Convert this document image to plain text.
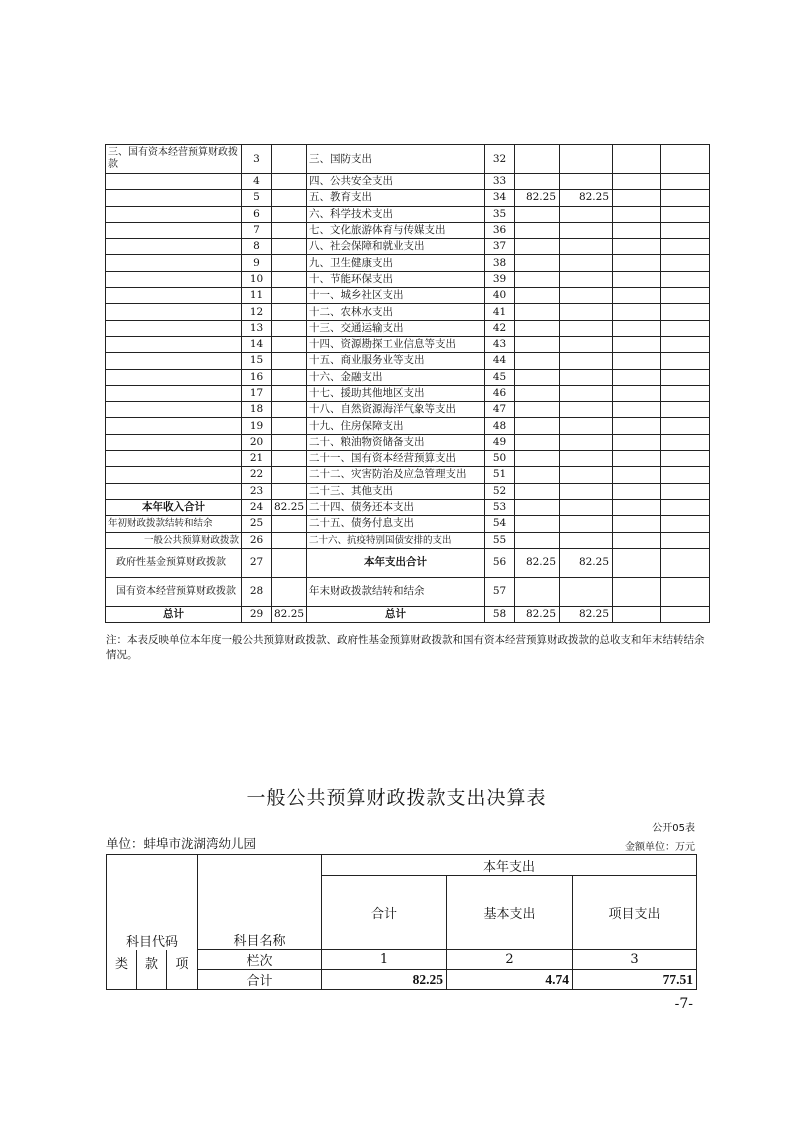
三、国有资本经营预算财政拨款	3		三、国防支出	32				
	4		四、公共安全支出	33				
	5		五、教育支出	34	82.25	82.25		
	6		六、科学技术支出	35				
	7		七、文化旅游体育与传媒支出	36				
	8		八、社会保障和就业支出	37				
	9		九、卫生健康支出	38				
	10		十、节能环保支出	39				
	11		十一、城乡社区支出	40				
	12		十二、农林水支出	41				
	13		十三、交通运输支出	42				
	14		十四、资源勘探工业信息等支出	43				
	15		十五、商业服务业等支出	44				
	16		十六、金融支出	45				
	17		十七、援助其他地区支出	46				
	18		十八、自然资源海洋气象等支出	47				
	19		十九、住房保障支出	48				
	20		二十、粮油物资储备支出	49				
	21		二十一、国有资本经营预算支出	50				
	22		二十二、灾害防治及应急管理支出	51				
	23		二十三、其他支出	52				
本年收入合计	24	82.25	二十四、债务还本支出	53				
年初财政拨款结转和结余	25		二十五、债务付息支出	54				
一般公共预算财政拨款	26		二十六、抗疫特别国债安排的支出	55				
政府性基金预算财政拨款	27		本年支出合计	56	82.25	82.25		
国有资本经营预算财政拨款	28		年末财政拨款结转和结余	57				
总计	29	82.25	总计	58	82.25	82.25		
注：本表反映单位本年度一般公共预算财政拨款、政府性基金预算财政拨款和国有资本经营预算财政拨款的总收支和年末结转结余情况。
一般公共预算财政拨款支出决算表
公开05表
单位：蚌埠市泷湖湾幼儿园	金额单位：万元
科目代码			科目名称	本年支出		
				合计	基本支出	项目支出
类	款	项	栏次	1	2	3
			合计	82.25	4.74	77.51
-7-
